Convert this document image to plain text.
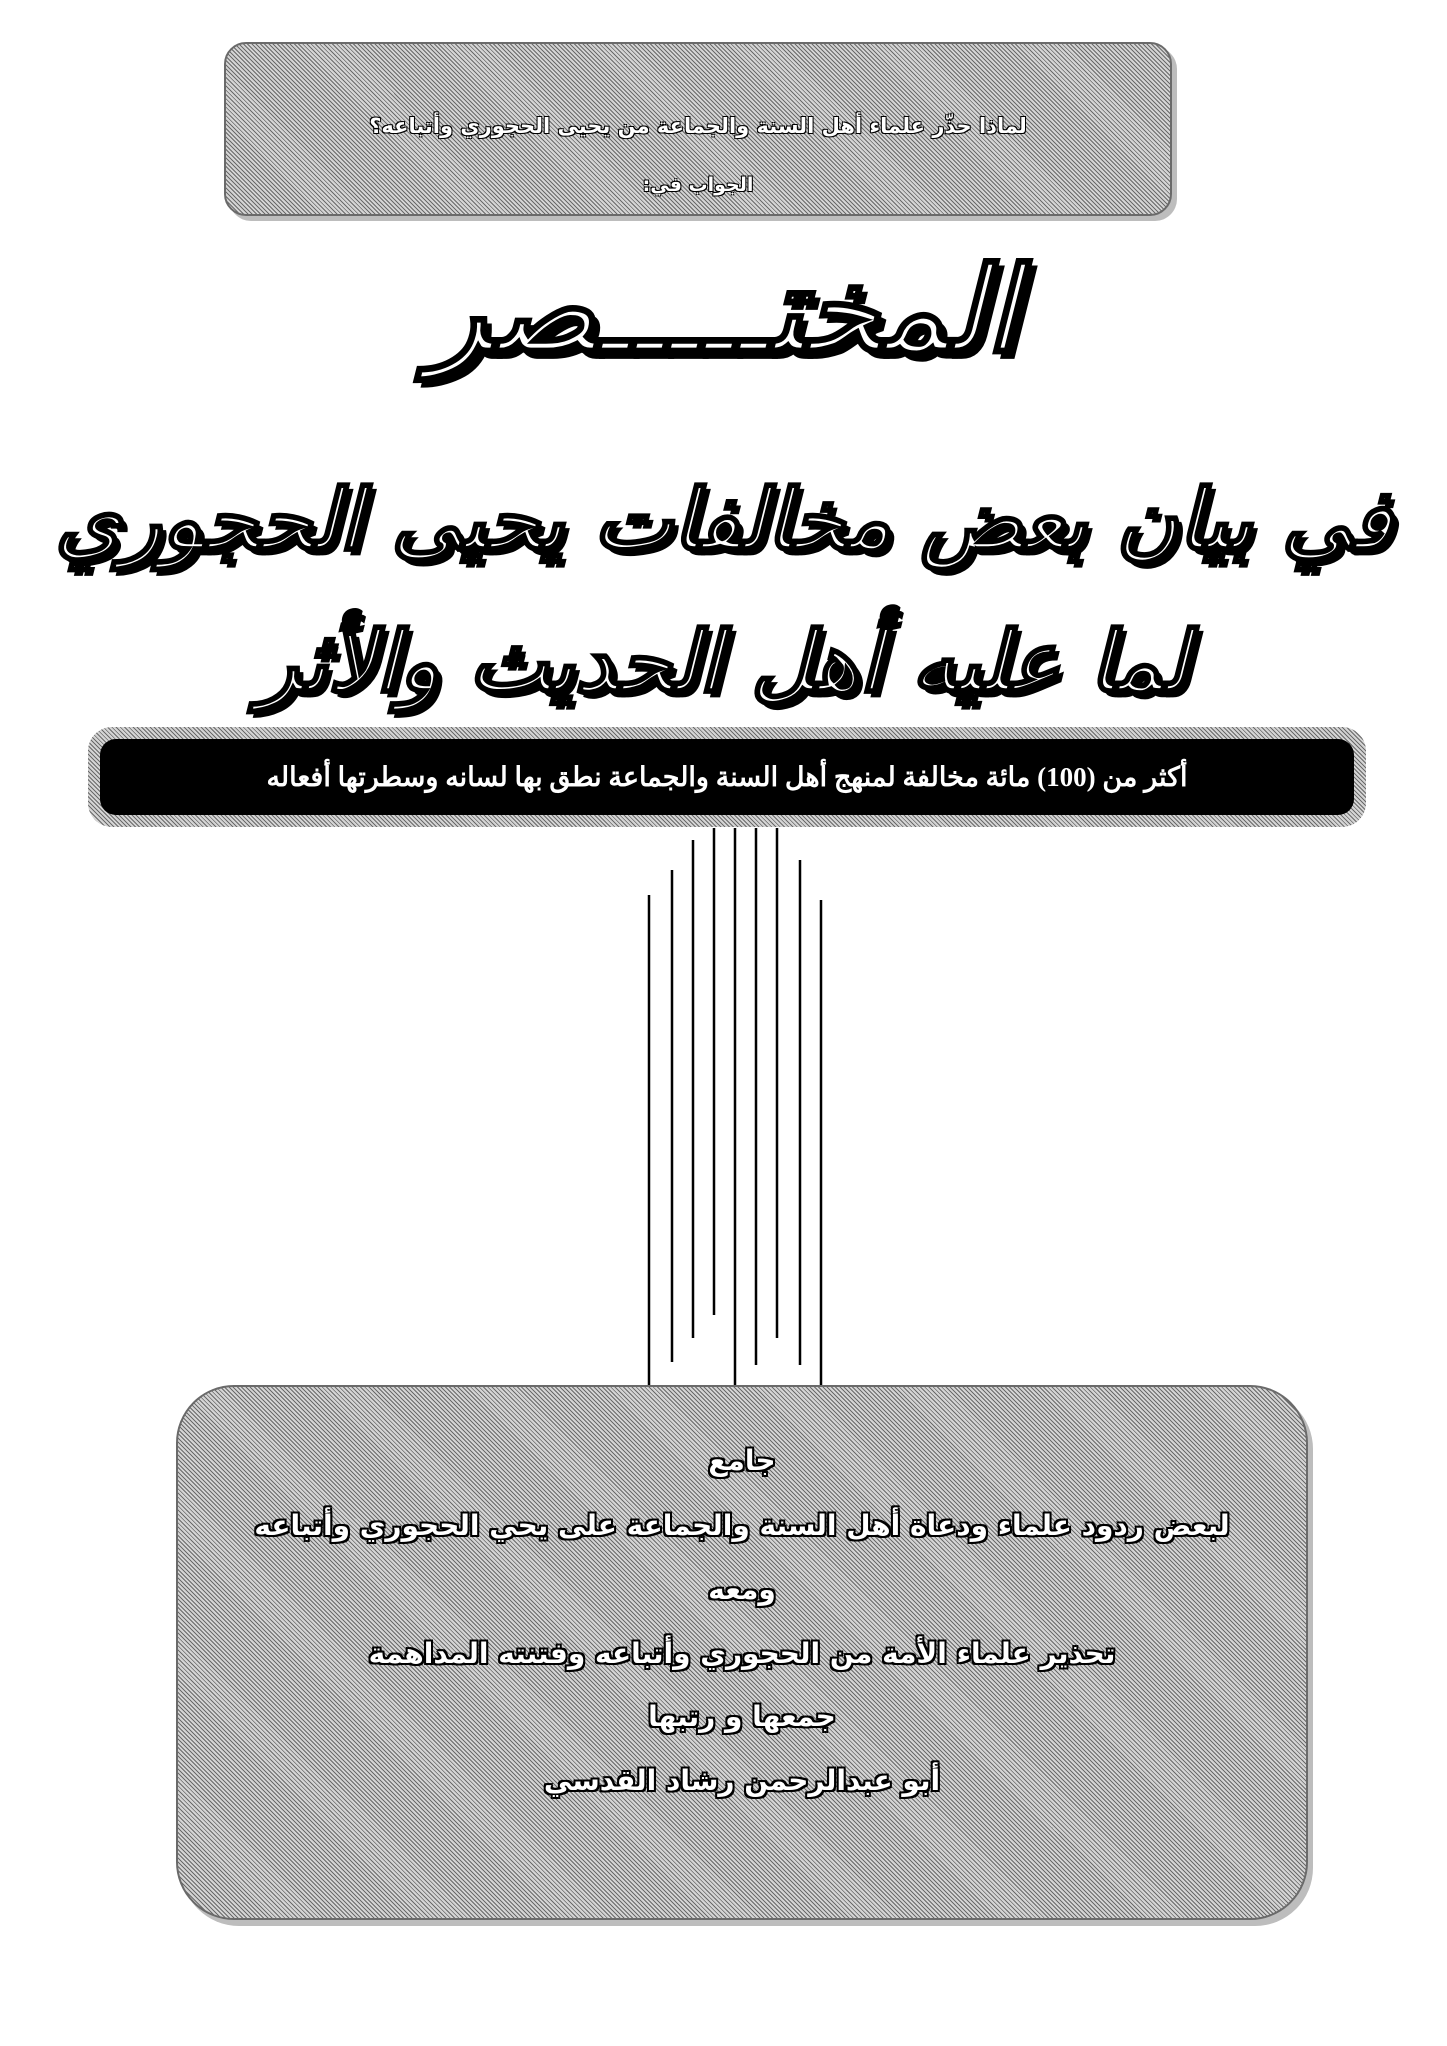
لماذا حذّر علماء أهل السنة والجماعة من يحيى الحجوري وأتباعه؟
الجواب في:
المختـــــصر
في بيان بعض مخالفات يحيى الحجوري
لما عليه أهل الحديث والأثر
أكثر من (100) مائة مخالفة لمنهج أهل السنة والجماعة نطق بها لسانه وسطرتها أفعاله
جامع
لبعض ردود علماء ودعاة أهل السنة والجماعة على يحي الحجوري وأتباعه
ومعه
تحذير علماء الأمة من الحجوري وأتباعه وفتنته المداهمة
جمعها و رتبها
أبو عبدالرحمن رشاد القدسي
